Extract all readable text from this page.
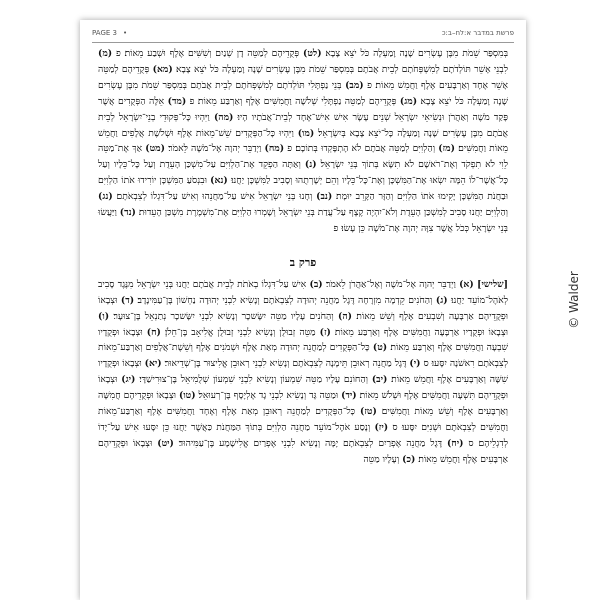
PAGE 3 •	פרשת במדבר א:לח–ב:כ

בְּמִסְפַּר שֵׁמֹת מִבֶּן עֶשְׂרִים שָׁנָה וָמַעְלָה כֹּל יֹצֵא צָבָא׃ (לט) פְּקֻדֵיהֶם לְמַטֵּה דָן שְׁנַיִם וְשִׁשִּׁים אֶלֶף וּשְׁבַע מֵאוֹת׃ פ (מ) לִבְנֵי אָשֵׁר תּוֹלְדֹתָם לְמִשְׁפְּחֹתָם לְבֵית אֲבֹתָם בְּמִסְפַּר שֵׁמֹת מִבֶּן עֶשְׂרִים שָׁנָה וָמַעְלָה כֹּל יֹצֵא צָבָא׃ (מא) פְּקֻדֵיהֶם לְמַטֵּה אָשֵׁר אֶחָד וְאַרְבָּעִים אֶלֶף וַחֲמֵשׁ מֵאוֹת׃ פ (מב) בְּנֵי נַפְתָּלִי תּוֹלְדֹתָם לְמִשְׁפְּחֹתָם לְבֵית אֲבֹתָם בְּמִסְפַּר שֵׁמֹת מִבֶּן עֶשְׂרִים שָׁנָה וָמַעְלָה כֹּל יֹצֵא צָבָא׃ (מג) פְּקֻדֵיהֶם לְמַטֵּה נַפְתָּלִי שְׁלֹשָׁה וַחֲמִשִּׁים אֶלֶף וְאַרְבַּע מֵאוֹת׃ פ (מד) אֵלֶּה הַפְּקֻדִים אֲשֶׁר פָּקַד מֹשֶׁה וְאַהֲרֹן וּנְשִׂיאֵי יִשְׂרָאֵל שְׁנֵים עָשָׂר אִישׁ אִישׁ־אֶחָד לְבֵית־אֲבֹתָיו הָיוּ׃ (מה) וַיִּהְיוּ כָּל־פְּקוּדֵי בְנֵי־יִשְׂרָאֵל לְבֵית אֲבֹתָם מִבֶּן עֶשְׂרִים שָׁנָה וָמַעְלָה כָּל־יֹצֵא צָבָא בְּיִשְׂרָאֵל׃ (מו) וַיִּהְיוּ כָּל־הַפְּקֻדִים שֵׁשׁ־מֵאוֹת אֶלֶף וּשְׁלֹשֶׁת אֲלָפִים וַחֲמֵשׁ מֵאוֹת וַחֲמִשִּׁים׃ (מז) וְהַלְוִיִּם לְמַטֵּה אֲבֹתָם לֹא הָתְפָּקְדוּ בְּתוֹכָם׃ פ (מח) וַיְדַבֵּר יְהוָה אֶל־מֹשֶׁה לֵּאמֹר׃ (מט) אַךְ אֶת־מַטֵּה לֵוִי לֹא תִפְקֹד וְאֶת־רֹאשָׁם לֹא תִשָּׂא בְּתוֹךְ בְּנֵי יִשְׂרָאֵל׃ (נ) וְאַתָּה הַפְקֵד אֶת־הַלְוִיִּם עַל־מִשְׁכַּן הָעֵדֻת וְעַל כָּל־כֵּלָיו וְעַל כָּל־אֲשֶׁר־לוֹ הֵמָּה יִשְׂאוּ אֶת־הַמִּשְׁכָּן וְאֶת־כָּל־כֵּלָיו וְהֵם יְשָׁרְתֻהוּ וְסָבִיב לַמִּשְׁכָּן יַחֲנוּ׃ (נא) וּבִנְסֹעַ הַמִּשְׁכָּן יוֹרִידוּ אֹתוֹ הַלְוִיִּם וּבַחֲנֹת הַמִּשְׁכָּן יָקִימוּ אֹתוֹ הַלְוִיִּם וְהַזָּר הַקָּרֵב יוּמָת׃ (נב) וְחָנוּ בְּנֵי יִשְׂרָאֵל אִישׁ עַל־מַחֲנֵהוּ וְאִישׁ עַל־דִּגְלוֹ לְצִבְאֹתָם׃ (נג) וְהַלְוִיִּם יַחֲנוּ סָבִיב לְמִשְׁכַּן הָעֵדֻת וְלֹא־יִהְיֶה קֶצֶף עַל־עֲדַת בְּנֵי יִשְׂרָאֵל וְשָׁמְרוּ הַלְוִיִּם אֶת־מִשְׁמֶרֶת מִשְׁכַּן הָעֵדוּת׃ (נד) וַיַּעֲשׂוּ בְּנֵי יִשְׂרָאֵל כְּכֹל אֲשֶׁר צִוָּה יְהוָה אֶת־מֹשֶׁה כֵּן עָשׂוּ׃ פ

פרק ב

[שלישי] (א) וַיְדַבֵּר יְהוָה אֶל־מֹשֶׁה וְאֶל־אַהֲרֹן לֵאמֹר׃ (ב) אִישׁ עַל־דִּגְלוֹ בְאֹתֹת לְבֵית אֲבֹתָם יַחֲנוּ בְּנֵי יִשְׂרָאֵל מִנֶּגֶד סָבִיב לְאֹהֶל־מוֹעֵד יַחֲנוּ׃ (ג) וְהַחֹנִים קֵדְמָה מִזְרָחָה דֶּגֶל מַחֲנֵה יְהוּדָה לְצִבְאֹתָם וְנָשִׂיא לִבְנֵי יְהוּדָה נַחְשׁוֹן בֶּן־עַמִּינָדָב׃ (ד) וּצְבָאוֹ וּפְקֻדֵיהֶם אַרְבָּעָה וְשִׁבְעִים אֶלֶף וְשֵׁשׁ מֵאוֹת׃ (ה) וְהַחֹנִים עָלָיו מַטֵּה יִשָּׂשכָר וְנָשִׂיא לִבְנֵי יִשָּׂשכָר נְתַנְאֵל בֶּן־צוּעָר׃ (ו) וּצְבָאוֹ וּפְקֻדָיו אַרְבָּעָה וַחֲמִשִּׁים אֶלֶף וְאַרְבַּע מֵאוֹת׃ (ז) מַטֵּה זְבוּלֻן וְנָשִׂיא לִבְנֵי זְבוּלֻן אֱלִיאָב בֶּן־חֵלֹן׃ (ח) וּצְבָאוֹ וּפְקֻדָיו שִׁבְעָה וַחֲמִשִּׁים אֶלֶף וְאַרְבַּע מֵאוֹת׃ (ט) כָּל־הַפְּקֻדִים לְמַחֲנֵה יְהוּדָה מְאַת אֶלֶף וּשְׁמֹנִים אֶלֶף וְשֵׁשֶׁת־אֲלָפִים וְאַרְבַּע־מֵאוֹת לְצִבְאֹתָם רִאשֹׁנָה יִסָּעוּ׃ ס (י) דֶּגֶל מַחֲנֵה רְאוּבֵן תֵּימָנָה לְצִבְאֹתָם וְנָשִׂיא לִבְנֵי רְאוּבֵן אֱלִיצוּר בֶּן־שְׁדֵיאוּר׃ (יא) וּצְבָאוֹ וּפְקֻדָיו שִׁשָּׁה וְאַרְבָּעִים אֶלֶף וַחֲמֵשׁ מֵאוֹת׃ (יב) וְהַחוֹנִם עָלָיו מַטֵּה שִׁמְעוֹן וְנָשִׂיא לִבְנֵי שִׁמְעוֹן שְׁלֻמִיאֵל בֶּן־צוּרִישַׁדָּי׃ (יג) וּצְבָאוֹ וּפְקֻדֵיהֶם תִּשְׁעָה וַחֲמִשִּׁים אֶלֶף וּשְׁלֹשׁ מֵאוֹת׃ (יד) וּמַטֵּה גָּד וְנָשִׂיא לִבְנֵי גָד אֶלְיָסָף בֶּן־רְעוּאֵל׃ (טו) וּצְבָאוֹ וּפְקֻדֵיהֶם חֲמִשָּׁה וְאַרְבָּעִים אֶלֶף וְשֵׁשׁ מֵאוֹת וַחֲמִשִּׁים׃ (טז) כָּל־הַפְּקֻדִים לְמַחֲנֵה רְאוּבֵן מְאַת אֶלֶף וְאֶחָד וַחֲמִשִּׁים אֶלֶף וְאַרְבַּע־מֵאוֹת וַחֲמִשִּׁים לְצִבְאֹתָם וּשְׁנִיִּם יִסָּעוּ׃ ס (יז) וְנָסַע אֹהֶל־מוֹעֵד מַחֲנֵה הַלְוִיִּם בְּתוֹךְ הַמַּחֲנֹת כַּאֲשֶׁר יַחֲנוּ כֵּן יִסָּעוּ אִישׁ עַל־יָדוֹ לְדִגְלֵיהֶם׃ ס (יח) דֶּגֶל מַחֲנֵה אֶפְרַיִם לְצִבְאֹתָם יָמָּה וְנָשִׂיא לִבְנֵי אֶפְרַיִם אֱלִישָׁמָע בֶּן־עַמִּיהוּד׃ (יט) וּצְבָאוֹ וּפְקֻדֵיהֶם אַרְבָּעִים אֶלֶף וַחֲמֵשׁ מֵאוֹת׃ (כ) וְעָלָיו מַטֵּה

© Walder
